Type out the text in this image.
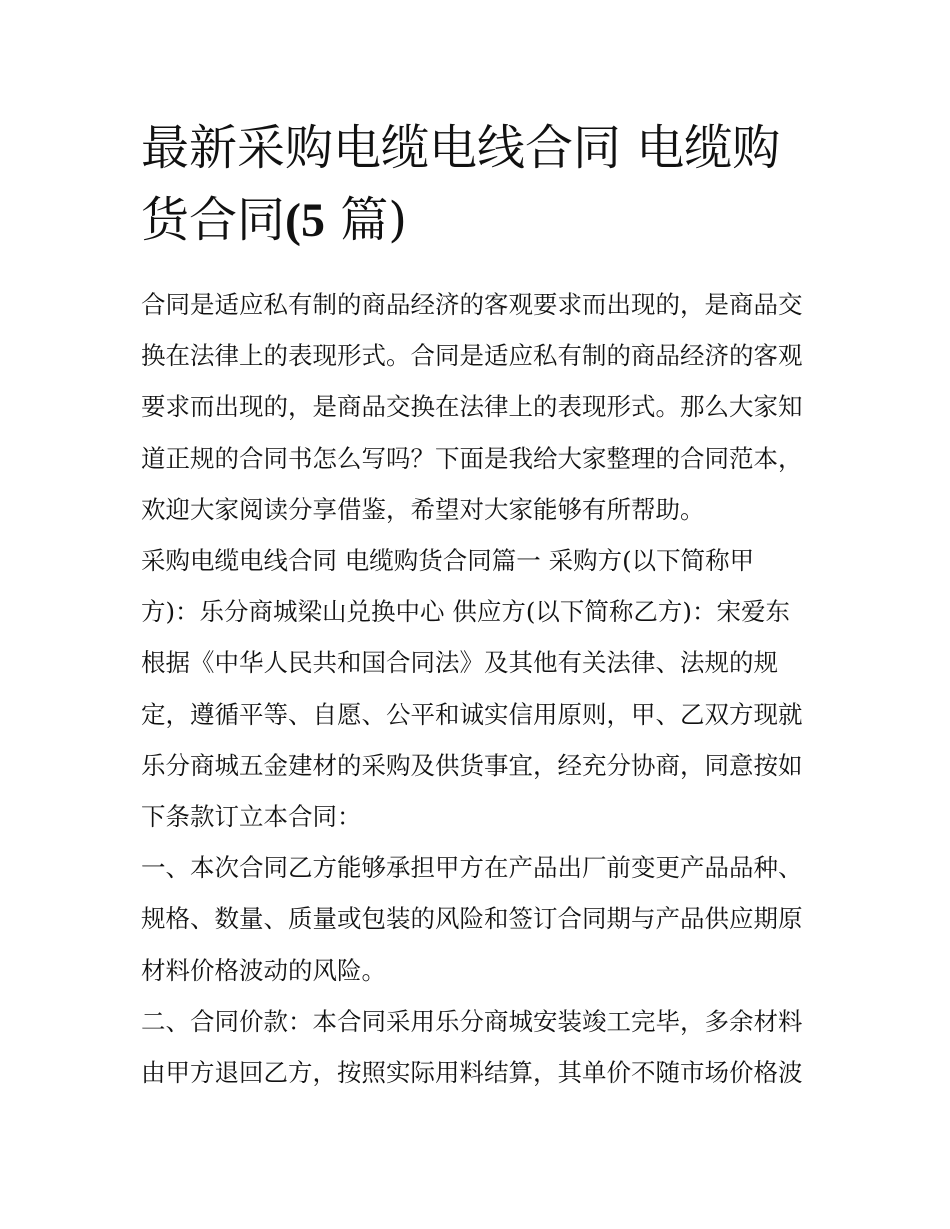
最新采购电缆电线合同 电缆购货合同(5 篇)

合同是适应私有制的商品经济的客观要求而出现的，是商品交
换在法律上的表现形式。合同是适应私有制的商品经济的客观
要求而出现的，是商品交换在法律上的表现形式。那么大家知
道正规的合同书怎么写吗？下面是我给大家整理的合同范本，
欢迎大家阅读分享借鉴，希望对大家能够有所帮助。

采购电缆电线合同 电缆购货合同篇一 采购方(以下简称甲
方)：乐分商城梁山兑换中心 供应方(以下简称乙方)：宋爱东
根据《中华人民共和国合同法》及其他有关法律、法规的规
定，遵循平等、自愿、公平和诚实信用原则，甲、乙双方现就
乐分商城五金建材的采购及供货事宜，经充分协商，同意按如
下条款订立本合同：

一、本次合同乙方能够承担甲方在产品出厂前变更产品品种、
规格、数量、质量或包装的风险和签订合同期与产品供应期原
材料价格波动的风险。

二、合同价款：本合同采用乐分商城安装竣工完毕，多余材料
由甲方退回乙方，按照实际用料结算，其单价不随市场价格波
